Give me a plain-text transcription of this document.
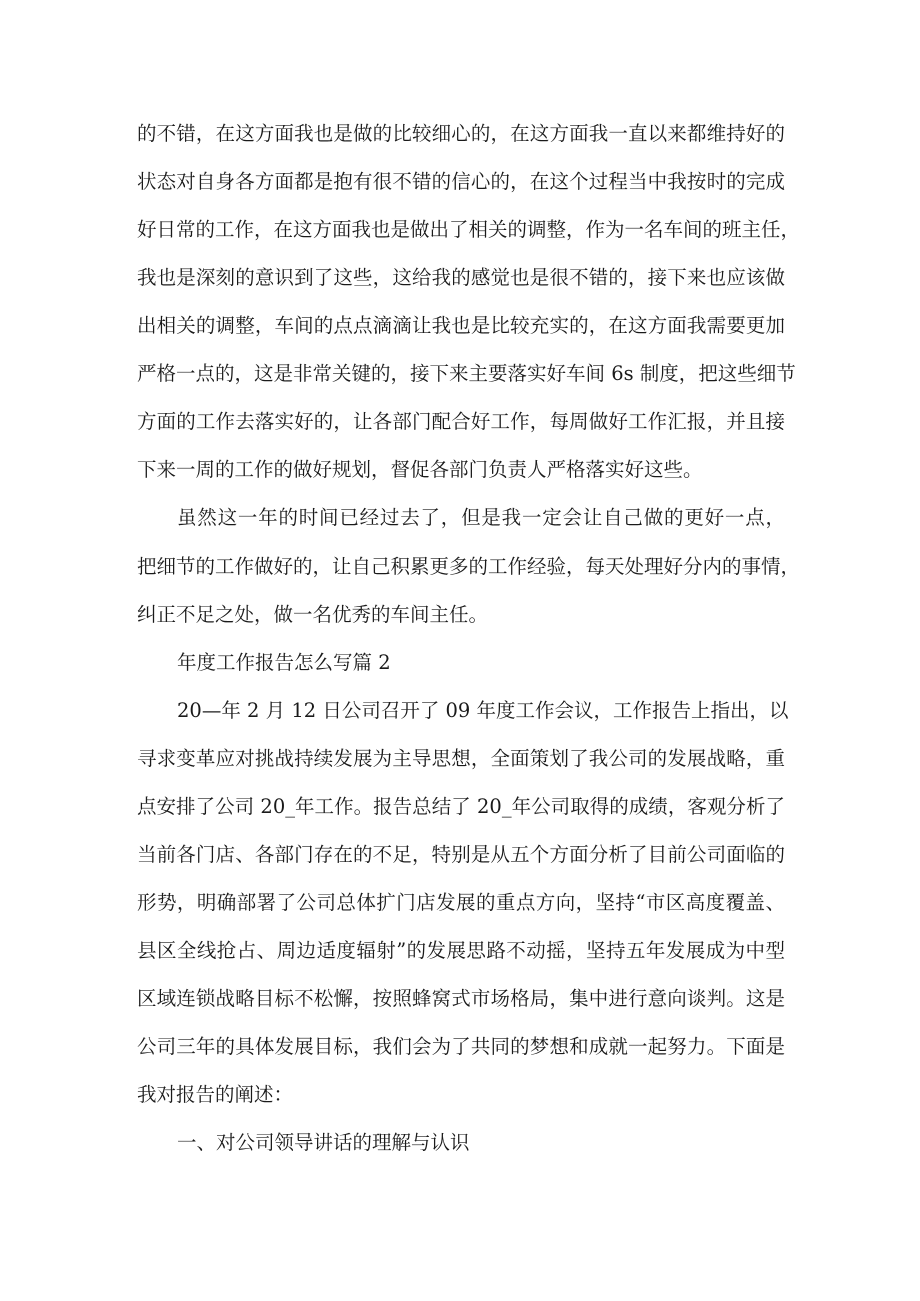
的不错，在这方面我也是做的比较细心的，在这方面我一直以来都维持好的
状态对自身各方面都是抱有很不错的信心的，在这个过程当中我按时的完成
好日常的工作，在这方面我也是做出了相关的调整，作为一名车间的班主任，
我也是深刻的意识到了这些，这给我的感觉也是很不错的，接下来也应该做
出相关的调整，车间的点点滴滴让我也是比较充实的，在这方面我需要更加
严格一点的，这是非常关键的，接下来主要落实好车间 6s 制度，把这些细节
方面的工作去落实好的，让各部门配合好工作，每周做好工作汇报，并且接
下来一周的工作的做好规划，督促各部门负责人严格落实好这些。
虽然这一年的时间已经过去了，但是我一定会让自己做的更好一点，
把细节的工作做好的，让自己积累更多的工作经验，每天处理好分内的事情，
纠正不足之处，做一名优秀的车间主任。
年度工作报告怎么写篇 2
20—年 2 月 12 日公司召开了 09 年度工作会议，工作报告上指出，以
寻求变革应对挑战持续发展为主导思想，全面策划了我公司的发展战略，重
点安排了公司 20_年工作。报告总结了 20_年公司取得的成绩，客观分析了
当前各门店、各部门存在的不足，特别是从五个方面分析了目前公司面临的
形势，明确部署了公司总体扩门店发展的重点方向，坚持“市区高度覆盖、
县区全线抢占、周边适度辐射”的发展思路不动摇，坚持五年发展成为中型
区域连锁战略目标不松懈，按照蜂窝式市场格局，集中进行意向谈判。这是
公司三年的具体发展目标，我们会为了共同的梦想和成就一起努力。下面是
我对报告的阐述：
一、对公司领导讲话的理解与认识
